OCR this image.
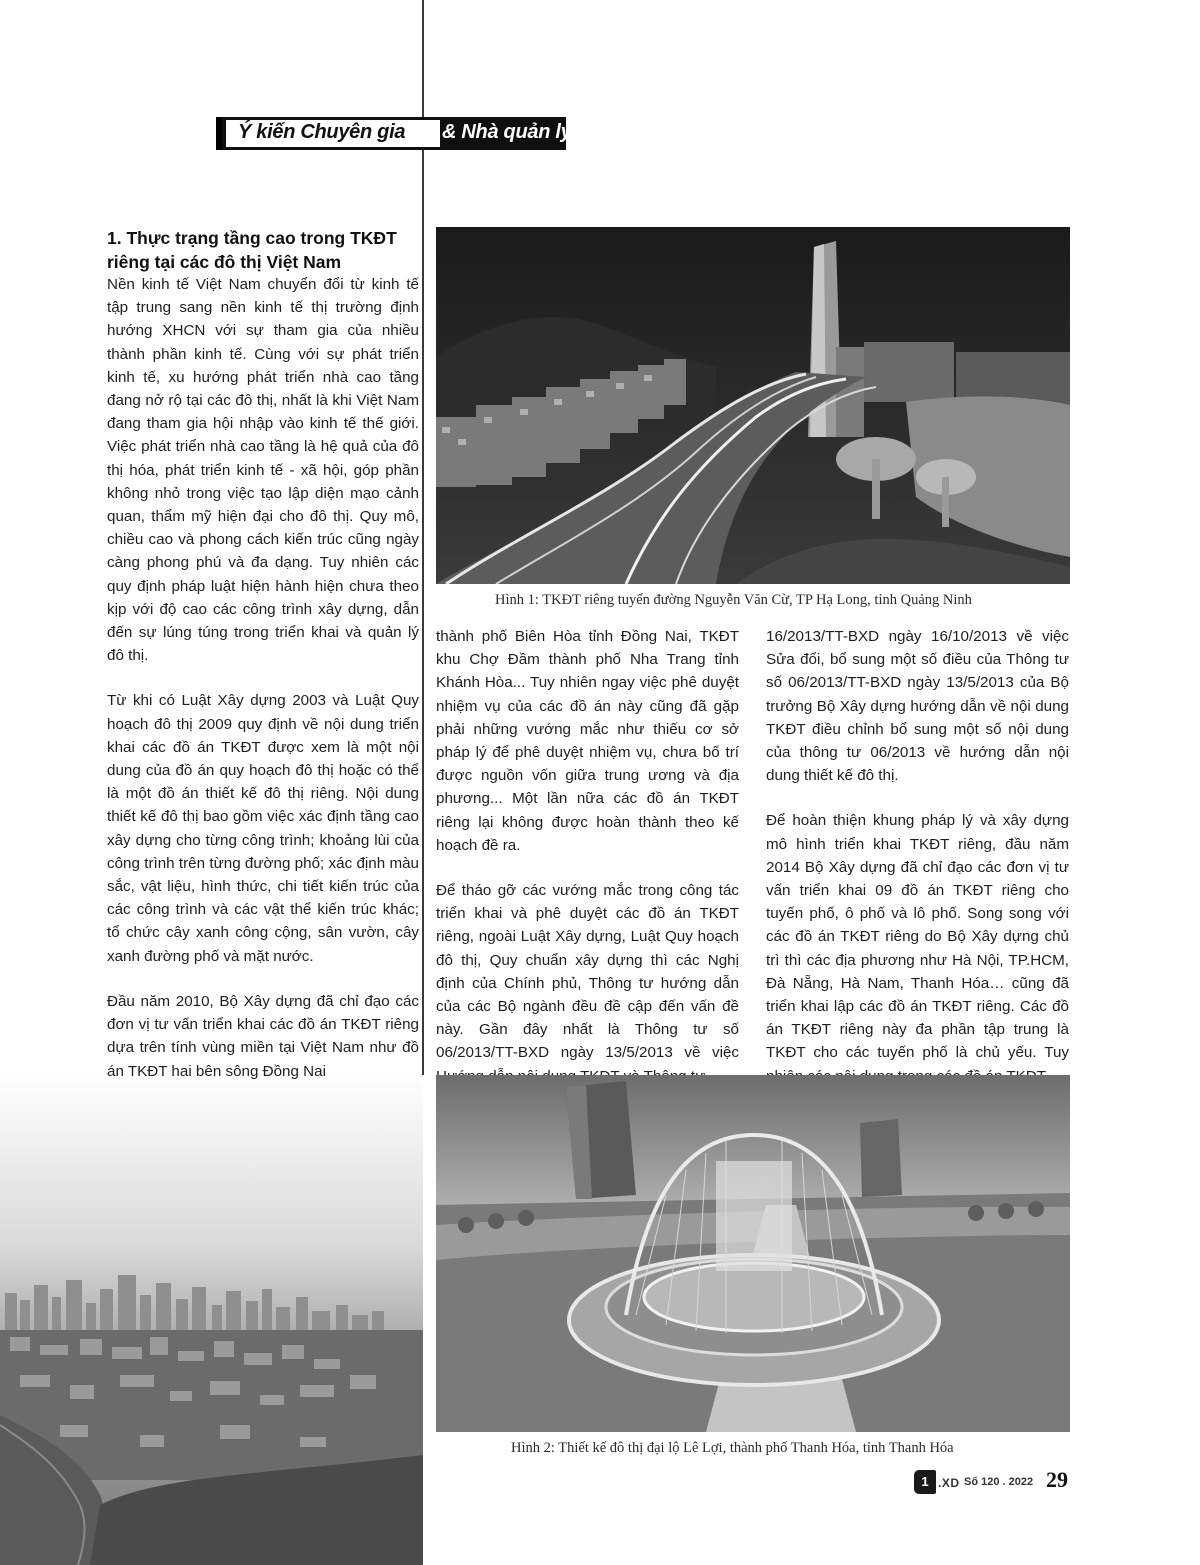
Ý kiến Chuyên gia & Nhà quản lý
1. Thực trạng tầng cao trong TKĐT riêng tại các đô thị Việt Nam

Nền kinh tế Việt Nam chuyển đổi từ kinh tế tập trung sang nền kinh tế thị trường định hướng XHCN với sự tham gia của nhiều thành phần kinh tế. Cùng với sự phát triển kinh tế, xu hướng phát triển nhà cao tầng đang nở rộ tại các đô thị, nhất là khi Việt Nam đang tham gia hội nhập vào kinh tế thế giới. Việc phát triển nhà cao tầng là hệ quả của đô thị hóa, phát triển kinh tế - xã hội, góp phần không nhỏ trong việc tạo lập diện mạo cảnh quan, thẩm mỹ hiện đại cho đô thị. Quy mô, chiều cao và phong cách kiến trúc cũng ngày càng phong phú và đa dạng. Tuy nhiên các quy định pháp luật hiện hành hiện chưa theo kịp với độ cao các công trình xây dựng, dẫn đến sự lúng túng trong triển khai và quản lý đô thị.

Từ khi có Luật Xây dựng 2003 và Luật Quy hoạch đô thị 2009 quy định về nội dung triển khai các đồ án TKĐT được xem là một nội dung của đồ án quy hoạch đô thị hoặc có thể là một đồ án thiết kế đô thị riêng. Nội dung thiết kế đô thị bao gồm việc xác định tầng cao xây dựng cho từng công trình; khoảng lùi của công trình trên từng đường phố; xác định màu sắc, vật liệu, hình thức, chi tiết kiến trúc của các công trình và các vật thể kiến trúc khác; tổ chức cây xanh công cộng, sân vườn, cây xanh đường phố và mặt nước.

Đầu năm 2010, Bộ Xây dựng đã chỉ đạo các đơn vị tư vấn triển khai các đồ án TKĐT riêng dựa trên tính vùng miền tại Việt Nam như đồ án TKĐT hai bên sông Đồng Nai

Hình 1: TKĐT riêng tuyến đường Nguyễn Văn Cừ, TP Hạ Long, tỉnh Quảng Ninh

thành phố Biên Hòa tỉnh Đồng Nai, TKĐT khu Chợ Đầm thành phố Nha Trang tỉnh Khánh Hòa... Tuy nhiên ngay việc phê duyệt nhiệm vụ của các đồ án này cũng đã gặp phải những vướng mắc như thiếu cơ sở pháp lý để phê duyệt nhiệm vụ, chưa bố trí được nguồn vốn giữa trung ương và địa phương... Một lần nữa các đồ án TKĐT riêng lại không được hoàn thành theo kế hoạch đề ra.

Để tháo gỡ các vướng mắc trong công tác triển khai và phê duyệt các đồ án TKĐT riêng, ngoài Luật Xây dựng, Luật Quy hoạch đô thị, Quy chuẩn xây dựng thì các Nghị định của Chính phủ, Thông tư hướng dẫn của các Bộ ngành đều đề cập đến vấn đề này. Gần đây nhất là Thông tư số 06/2013/TT-BXD ngày 13/5/2013 về việc

16/2013/TT-BXD ngày 16/10/2013 về việc Sửa đổi, bổ sung một số điều của Thông tư số 06/2013/TT-BXD ngày 13/5/2013 của Bộ trưởng Bộ Xây dựng hướng dẫn về nội dung TKĐT điều chỉnh bổ sung một số nội dung của thông tư 06/2013 về hướng dẫn nội dung thiết kế đô thị.

Để hoàn thiện khung pháp lý và xây dựng mô hình triển khai TKĐT riêng, đầu năm 2014 Bộ Xây dựng đã chỉ đạo các đơn vị tư vấn triển khai 09 đồ án TKĐT riêng cho tuyến phố, ô phố và lô phố. Song song với các đồ án TKĐT riêng do Bộ Xây dựng chủ trì thì các địa phương như Hà Nội, TP.HCM, Đà Nẵng, Hà Nam, Thanh Hóa… cũng đã triển khai lập các đồ án TKĐT riêng. Các đồ án TKĐT riêng này đa phần tập trung là TKĐT cho các tuyến phố là chủ yếu. Tuy

Hình 2: Thiết kế đô thị đại lộ Lê Lợi, thành phố Thanh Hóa, tỉnh Thanh Hóa
1 .XD Số 120 . 2022 29
